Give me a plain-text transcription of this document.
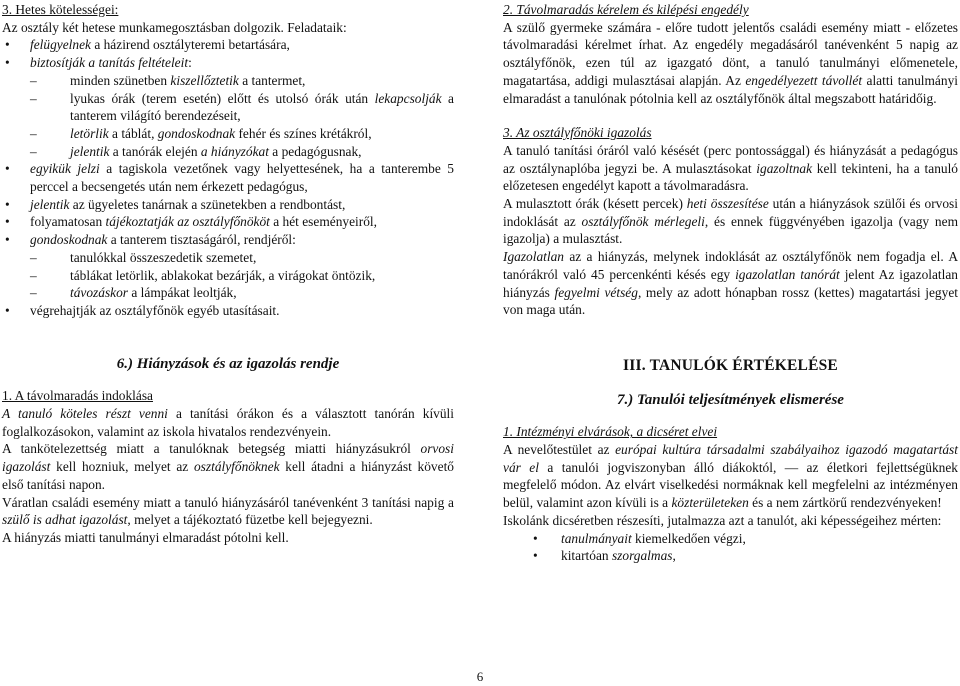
3. Hetes kötelességei:

Az osztály két hetese munkamegosztásban dolgozik. Feladataik:

• felügyelnek a házirend osztályteremi betartására,
• biztosítják a tanítás feltételeit:
– minden szünetben kiszellőztetik a tantermet,
– lyukas órák (terem esetén) előtt és utolsó órák után lekapcsolják a tanterem világító berendezéseit,
– letörlik a táblát, gondoskodnak fehér és színes krétákról,
– jelentik a tanórák elején a hiányzókat a pedagógusnak,
• egyikük jelzi a tagiskola vezetőnek vagy helyettesének, ha a tanterembe 5 perccel a becsengetés után nem érkezett pedagógus,
• jelentik az ügyeletes tanárnak a szünetekben a rendbontást,
• folyamatosan tájékoztatják az osztályfőnököt a hét eseményeiről,
• gondoskodnak a tanterem tisztaságáról, rendjéről:
– tanulókkal összeszedetik szemetet,
– táblákat letörlik, ablakokat bezárják, a virágokat öntözik,
– távozáskor a lámpákat leoltják,
• végrehajtják az osztályfőnök egyéb utasításait.

6.) Hiányzások és az igazolás rendje

1. A távolmaradás indoklása

A tanuló köteles részt venni a tanítási órákon és a választott tanórán kívüli foglalkozásokon, valamint az iskola hivatalos rendezvényein.

A tankötelezettség miatt a tanulóknak betegség miatti hiányzásukról orvosi igazolást kell hozniuk, melyet az osztályfőnöknek kell átadni a hiányzást követő első tanítási napon.

Váratlan családi esemény miatt a tanuló hiányzásáról tanévenként 3 tanítási napig a szülő is adhat igazolást, melyet a tájékoztató füzetbe kell bejegyezni.

A hiányzás miatti tanulmányi elmaradást pótolni kell.

2. Távolmaradás kérelem és kilépési engedély

A szülő gyermeke számára - előre tudott jelentős családi esemény miatt - előzetes távolmaradási kérelmet írhat. Az engedély megadásáról tanévenként 5 napig az osztályfőnök, ezen túl az igazgató dönt, a tanuló tanulmányi előmenetele, magatartása, addigi mulasztásai alapján. Az engedélyezett távollét alatti tanulmányi elmaradást a tanulónak pótolnia kell az osztályfőnök által megszabott határidőig.

3. Az osztályfőnöki igazolás

A tanuló tanítási óráról való késését (perc pontossággal) és hiányzását a pedagógus az osztálynaplóba jegyzi be. A mulasztásokat igazoltnak kell tekinteni, ha a tanuló előzetesen engedélyt kapott a távolmaradásra.

A mulasztott órák (késett percek) heti összesítése után a hiányzások szülői és orvosi indoklását az osztályfőnök mérlegeli, és ennek függvényében igazolja (vagy nem igazolja) a mulasztást.

Igazolatlan az a hiányzás, melynek indoklását az osztályfőnök nem fogadja el. A tanórákról való 45 percenkénti késés egy igazolatlan tanórát jelent Az igazolatlan hiányzás fegyelmi vétség, mely az adott hónapban rossz (kettes) magatartási jegyet von maga után.

III. TANULÓK ÉRTÉKELÉSE

7.) Tanulói teljesítmények elismerése

1. Intézményi elvárások, a dicséret elvei

A nevelőtestület az európai kultúra társadalmi szabályaihoz igazodó magatartást vár el a tanulói jogviszonyban álló diákoktól, — az életkori fejlettségüknek megfelelő módon. Az elvárt viselkedési normáknak kell megfelelni az intézményen belül, valamint azon kívüli is a közterületeken és a nem zártkörű rendezvényeken!

Iskolánk dicséretben részesíti, jutalmazza azt a tanulót, aki képességeihez mérten:

• tanulmányait kiemelkedően végzi,
• kitartóan szorgalmas,
6
